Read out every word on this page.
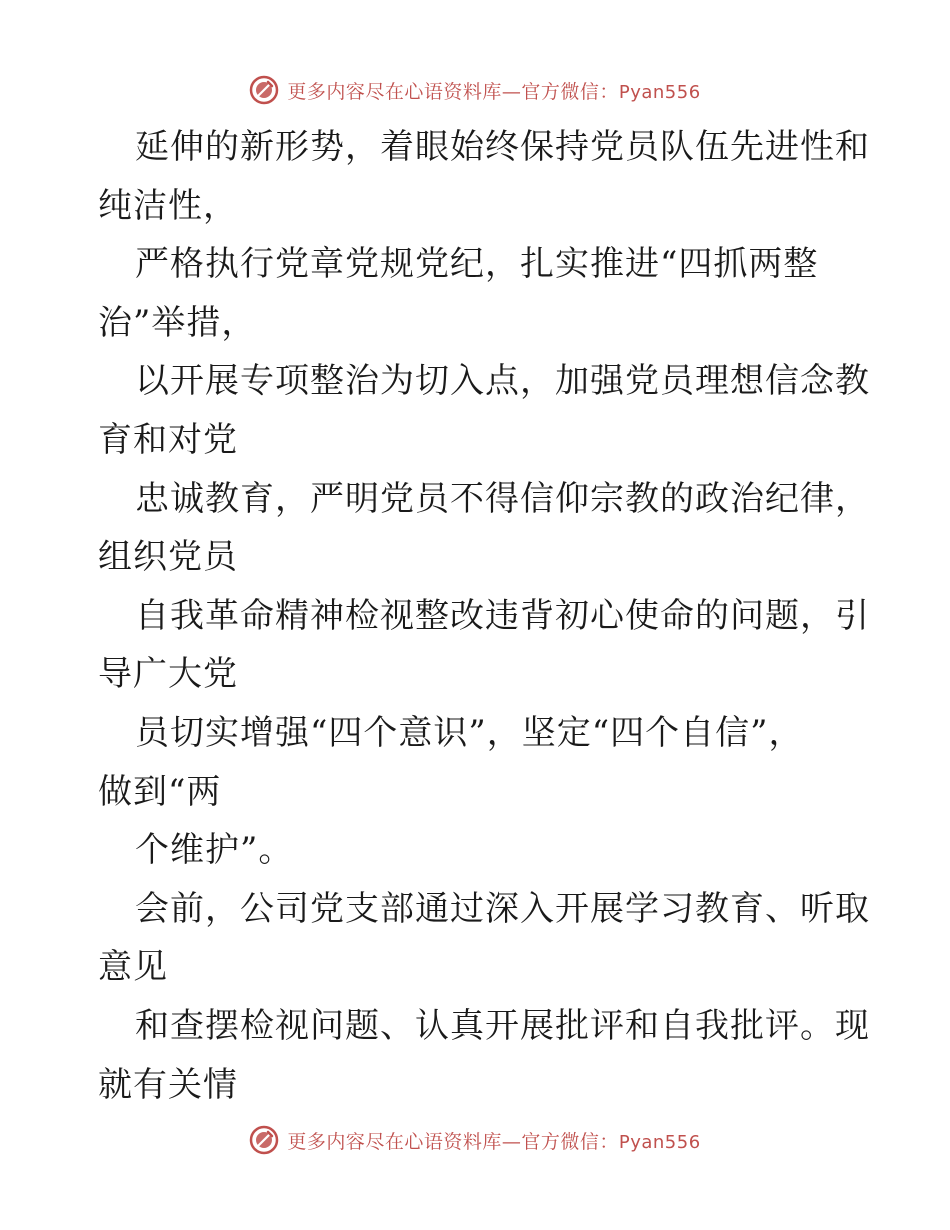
更多内容尽在心语资料库—官方微信：Pyan556
延伸的新形势，着眼始终保持党员队伍先进性和
纯洁性，
严格执行党章党规党纪，扎实推进“四抓两整
治”举措，
以开展专项整治为切入点，加强党员理想信念教
育和对党
忠诚教育，严明党员不得信仰宗教的政治纪律，
组织党员
自我革命精神检视整改违背初心使命的问题，引
导广大党
员切实增强“四个意识”，坚定“四个自信”，
做到“两
个维护”。
会前，公司党支部通过深入开展学习教育、听取
意见
和查摆检视问题、认真开展批评和自我批评。现
就有关情
更多内容尽在心语资料库—官方微信：Pyan556
